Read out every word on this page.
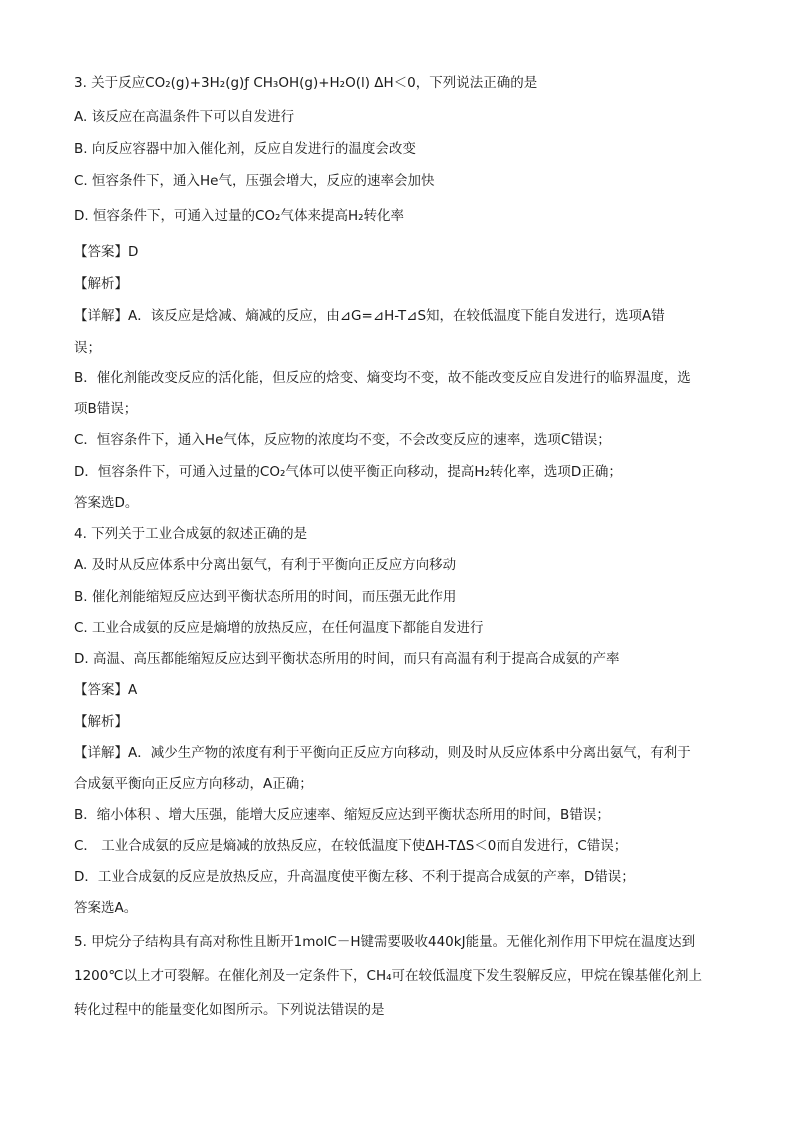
3. 关于反应CO₂(g)+3H₂(g)ƒ CH₃OH(g)+H₂O(l) ΔH＜0，下列说法正确的是
A. 该反应在高温条件下可以自发进行
B. 向反应容器中加入催化剂，反应自发进行的温度会改变
C. 恒容条件下，通入He气，压强会增大，反应的速率会加快
D. 恒容条件下，可通入过量的CO₂气体来提高H₂转化率
【答案】D
【解析】
【详解】A．该反应是焓减、熵减的反应，由⊿G=⊿H-T⊿S知，在较低温度下能自发进行，选项A错
误；
B．催化剂能改变反应的活化能，但反应的焓变、熵变均不变，故不能改变反应自发进行的临界温度，选
项B错误；
C．恒容条件下，通入He气体，反应物的浓度均不变，不会改变反应的速率，选项C错误；
D．恒容条件下，可通入过量的CO₂气体可以使平衡正向移动，提高H₂转化率，选项D正确；
答案选D。
4. 下列关于工业合成氨的叙述正确的是
A. 及时从反应体系中分离出氨气，有利于平衡向正反应方向移动
B. 催化剂能缩短反应达到平衡状态所用的时间，而压强无此作用
C. 工业合成氨的反应是熵增的放热反应，在任何温度下都能自发进行
D. 高温、高压都能缩短反应达到平衡状态所用的时间，而只有高温有利于提高合成氨的产率
【答案】A
【解析】
【详解】A．减少生产物的浓度有利于平衡向正反应方向移动，则及时从反应体系中分离出氨气，有利于
合成氨平衡向正反应方向移动，A正确；
B．缩小体积 、增大压强，能增大反应速率、缩短反应达到平衡状态所用的时间，B错误；
C． 工业合成氨的反应是熵减的放热反应，在较低温度下使ΔH-TΔS＜0而自发进行，C错误；
D．工业合成氨的反应是放热反应，升高温度使平衡左移、不利于提高合成氨的产率，D错误；
答案选A。
5. 甲烷分子结构具有高对称性且断开1molC－H键需要吸收440kJ能量。无催化剂作用下甲烷在温度达到
1200℃以上才可裂解。在催化剂及一定条件下，CH₄可在较低温度下发生裂解反应，甲烷在镍基催化剂上
转化过程中的能量变化如图所示。下列说法错误的是
